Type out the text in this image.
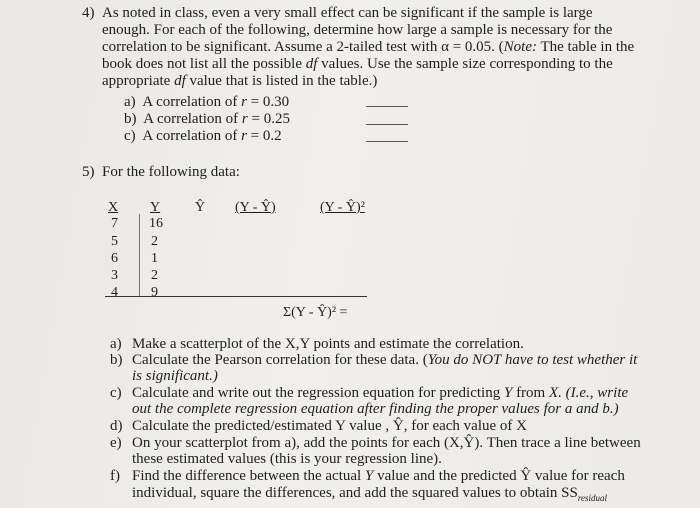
4) As noted in class, even a very small effect can be significant if the sample is large
enough. For each of the following, determine how large a sample is necessary for the
correlation to be significant. Assume a 2-tailed test with α = 0.05. (Note: The table in the
book does not list all the possible df values. Use the sample size corresponding to the
appropriate df value that is listed in the table.)
a) A correlation of r = 0.30
b) A correlation of r = 0.25
c) A correlation of r = 0.2
5) For the following data:
X Y Ŷ (Y - Ŷ)	(Y - Ŷ)²
7 16
5 2
6 1
3 2
4 9
Σ(Y - Ŷ)² =
a) Make a scatterplot of the X,Y points and estimate the correlation.
b) Calculate the Pearson correlation for these data. (You do NOT have to test whether it
is significant.)
c) Calculate and write out the regression equation for predicting Y from X. (I.e., write
out the complete regression equation after finding the proper values for a and b.)
d) Calculate the predicted/estimated Y value , Ŷ, for each value of X
e) On your scatterplot from a), add the points for each (X,Ŷ). Then trace a line between
these estimated values (this is your regression line).
f) Find the difference between the actual Y value and the predicted Ŷ value for reach
individual, square the differences, and add the squared values to obtain $SS_{residual}$
